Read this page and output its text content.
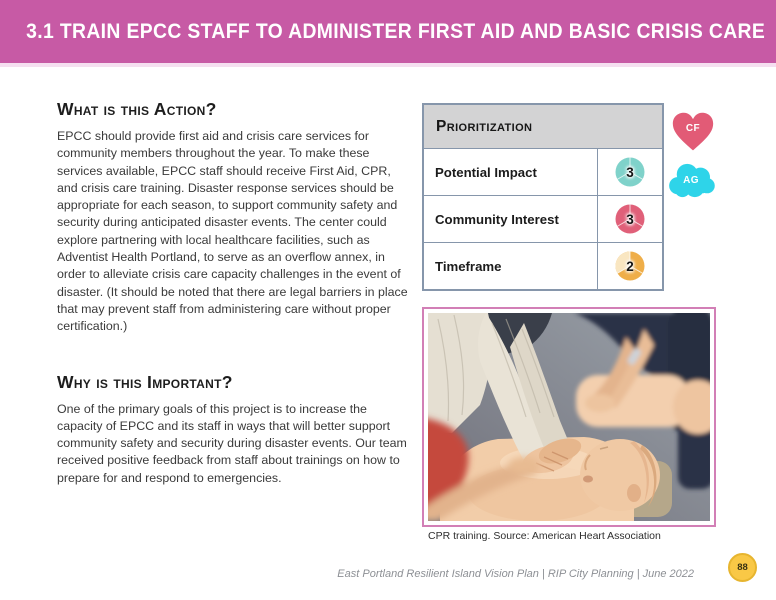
3.1 TRAIN EPCC STAFF TO ADMINISTER FIRST AID AND BASIC CRISIS CARE
What is this Action?

EPCC should provide first aid and crisis care services for community members throughout the year. To make these services available, EPCC staff should receive First Aid, CPR, and crisis care training. Disaster response services should be appropriate for each season, to support community safety and security during anticipated disaster events. The center could explore partnering with local healthcare facilities, such as Adventist Health Portland, to serve as an overflow annex, in order to alleviate crisis care capacity challenges in the event of disaster. (It should be noted that there are legal barriers in place that may prevent staff from administering care without proper certification.)

Why is this Important?

One of the primary goals of this project is to increase the capacity of EPCC and its staff in ways that will better support community safety and security during disaster events. Our team received positive feedback from staff about trainings on how to prepare for and respond to emergencies.

Prioritization
Potential Impact	3
Community Interest	3
Timeframe	2
CF
AG
CPR training. Source: American Heart Association
East Portland Resilient Island Vision Plan | RIP City Planning | June 2022
88
